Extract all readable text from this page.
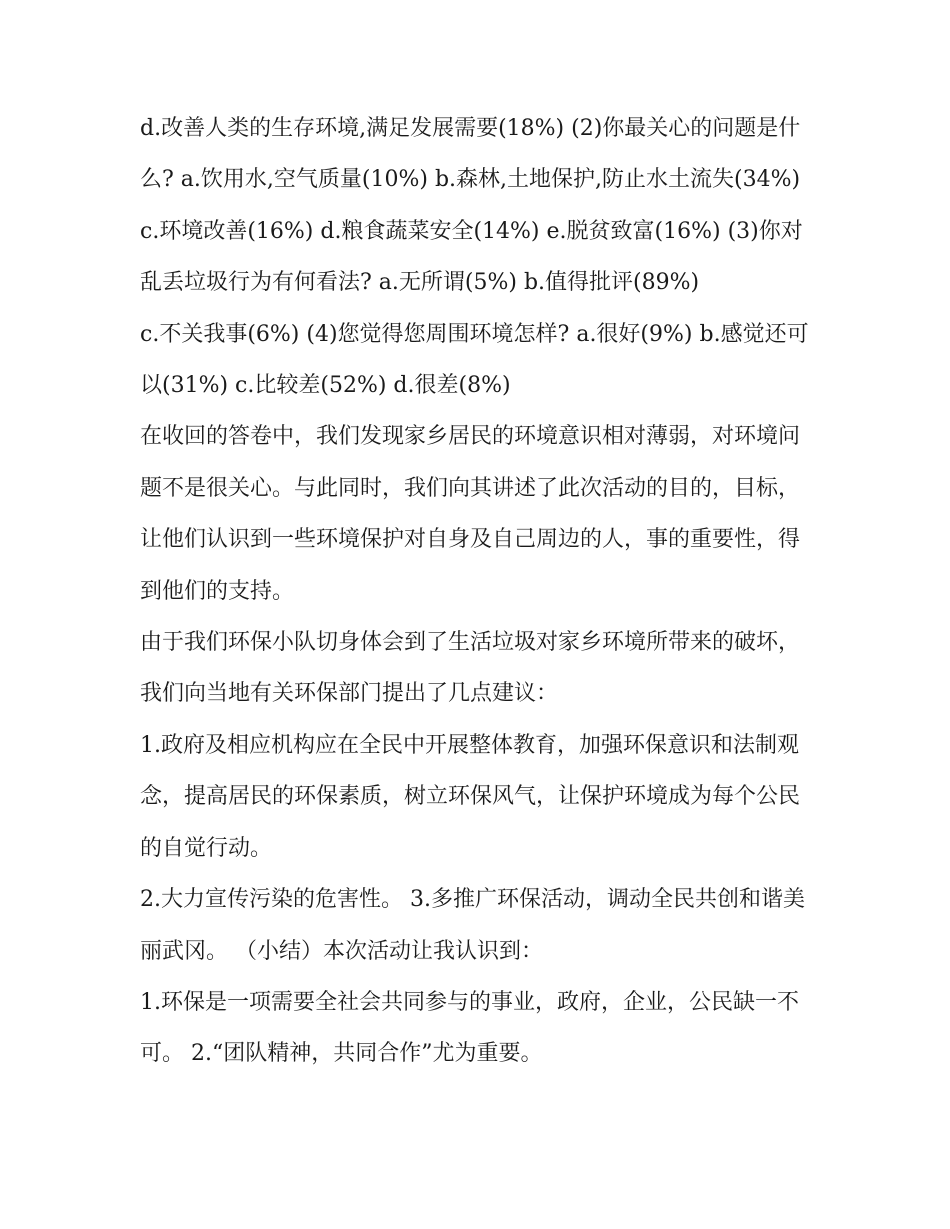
d.改善人类的生存环境,满足发展需要(18%) (2)你最关心的问题是什么? a.饮用水,空气质量(10%) b.森林,土地保护,防止水土流失(34%)

c.环境改善(16%) d.粮食蔬菜安全(14%) e.脱贫致富(16%) (3)你对乱丢垃圾行为有何看法? a.无所谓(5%) b.值得批评(89%)

c.不关我事(6%) (4)您觉得您周围环境怎样? a.很好(9%) b.感觉还可以(31%) c.比较差(52%) d.很差(8%)

在收回的答卷中，我们发现家乡居民的环境意识相对薄弱，对环境问题不是很关心。与此同时，我们向其讲述了此次活动的目的，目标，让他们认识到一些环境保护对自身及自己周边的人，事的重要性，得到他们的支持。

由于我们环保小队切身体会到了生活垃圾对家乡环境所带来的破坏，我们向当地有关环保部门提出了几点建议：

1.政府及相应机构应在全民中开展整体教育，加强环保意识和法制观念，提高居民的环保素质，树立环保风气，让保护环境成为每个公民的自觉行动。

2.大力宣传污染的危害性。 3.多推广环保活动，调动全民共创和谐美丽武冈。 （小结）本次活动让我认识到：

1.环保是一项需要全社会共同参与的事业，政府，企业，公民缺一不可。 2.“团队精神，共同合作”尤为重要。
